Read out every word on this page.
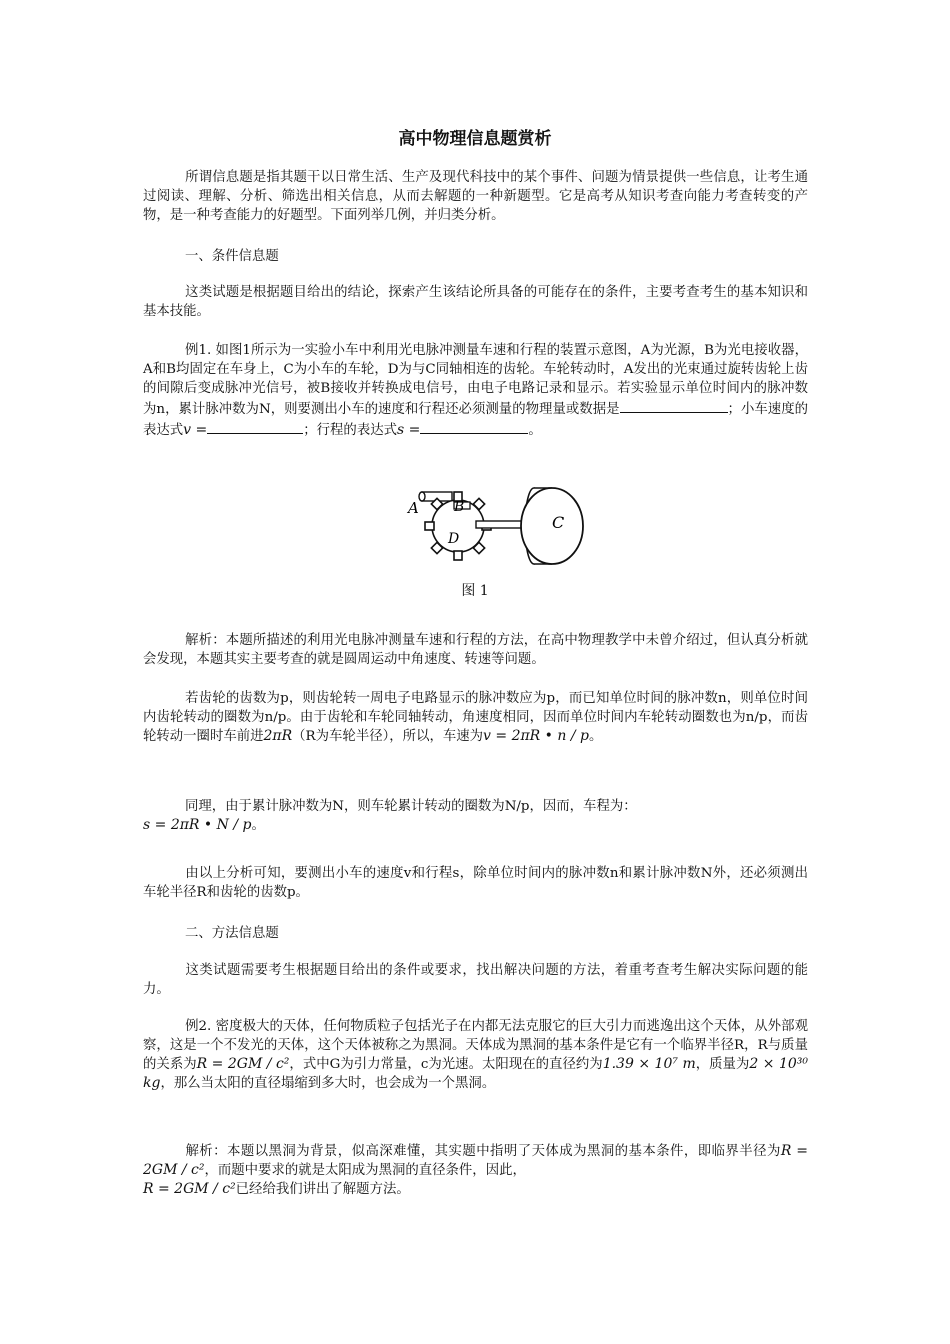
高中物理信息题赏析

所谓信息题是指其题干以日常生活、生产及现代科技中的某个事件、问题为情景提供一些信息，让考生通过阅读、理解、分析、筛选出相关信息，从而去解题的一种新题型。它是高考从知识考查向能力考查转变的产物，是一种考查能力的好题型。下面列举几例，并归类分析。

一、条件信息题

这类试题是根据题目给出的结论，探索产生该结论所具备的可能存在的条件，主要考查考生的基本知识和基本技能。

例1. 如图1所示为一实验小车中利用光电脉冲测量车速和行程的装置示意图，A为光源，B为光电接收器，A和B均固定在车身上，C为小车的车轮，D为与C同轴相连的齿轮。车轮转动时，A发出的光束通过旋转齿轮上齿的间隙后变成脉冲光信号，被B接收并转换成电信号，由电子电路记录和显示。若实验显示单位时间内的脉冲数为n，累计脉冲数为N，则要测出小车的速度和行程还必须测量的物理量或数据是	；小车速度的表达式v =	；行程的表达式s =	。

A	B
D
C
图 1

解析：本题所描述的利用光电脉冲测量车速和行程的方法，在高中物理教学中未曾介绍过，但认真分析就会发现，本题其实主要考查的就是圆周运动中角速度、转速等问题。

若齿轮的齿数为p，则齿轮转一周电子电路显示的脉冲数应为p，而已知单位时间的脉冲数n，则单位时间内齿轮转动的圈数为n/p。由于齿轮和车轮同轴转动，角速度相同，因而单位时间内车轮转动圈数也为n/p，而齿轮转动一圈时车前进2πR（R为车轮半径），所以，车速为v = 2πR • n / p。

同理，由于累计脉冲数为N，则车轮累计转动的圈数为N/p，因而，车程为：
s = 2πR • N / p。

由以上分析可知，要测出小车的速度v和行程s，除单位时间内的脉冲数n和累计脉冲数N外，还必须测出车轮半径R和齿轮的齿数p。

二、方法信息题

这类试题需要考生根据题目给出的条件或要求，找出解决问题的方法，着重考查考生解决实际问题的能力。

例2. 密度极大的天体，任何物质粒子包括光子在内都无法克服它的巨大引力而逃逸出这个天体，从外部观察，这是一个不发光的天体，这个天体被称之为黑洞。天体成为黑洞的基本条件是它有一个临界半径R，R与质量的关系为R = 2GM / c²，式中G为引力常量，c为光速。太阳现在的直径约为1.39 × 10⁷ m，质量为2 × 10³⁰ kg，那么当太阳的直径塌缩到多大时，也会成为一个黑洞。

解析：本题以黑洞为背景，似高深难懂，其实题中指明了天体成为黑洞的基本条件，即临界半径为R = 2GM / c²，而题中要求的就是太阳成为黑洞的直径条件，因此，
R = 2GM / c²已经给我们讲出了解题方法。
